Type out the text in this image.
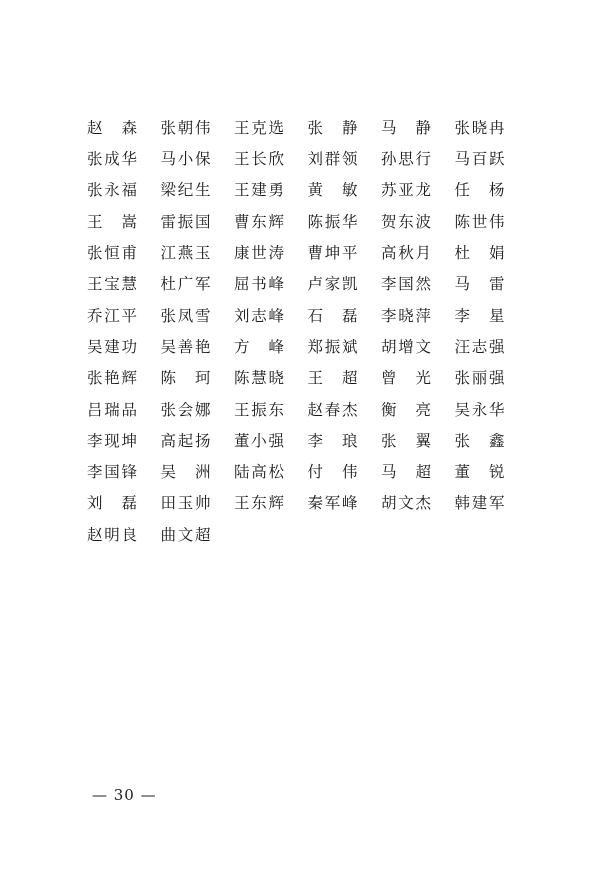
赵 森 张 朝 伟 王 克 选 张 静 马 静 张 晓 冉
张 成 华 马 小 保 王 长 欣 刘 群 领 孙 思 行 马 百 跃
张 永 福 梁 纪 生 王 建 勇 黄 敏 苏 亚 龙 任 杨
王 嵩 雷 振 国 曹 东 辉 陈 振 华 贺 东 波 陈 世 伟
张 恒 甫 江 燕 玉 康 世 涛 曹 坤 平 高 秋 月 杜 娟
王 宝 慧 杜 广 军 屈 书 峰 卢 家 凯 李 国 然 马 雷
乔 江 平 张 凤 雪 刘 志 峰 石 磊 李 晓 萍 李 星
吴 建 功 吴 善 艳 方 峰 郑 振 斌 胡 增 文 汪 志 强
张 艳 辉 陈 珂 陈 慧 晓 王 超 曾 光 张 丽 强
吕 瑞 品 张 会 娜 王 振 东 赵 春 杰 衡 亮 吴 永 华
李 现 坤 高 起 扬 董 小 强 李 琅 张 翼 张 鑫
李 国 锋 吴 洲 陆 高 松 付 伟 马 超 董 锐
刘 磊 田 玉 帅 王 东 辉 秦 军 峰 胡 文 杰 韩 建 军
赵 明 良 曲 文 超
— 30 —
